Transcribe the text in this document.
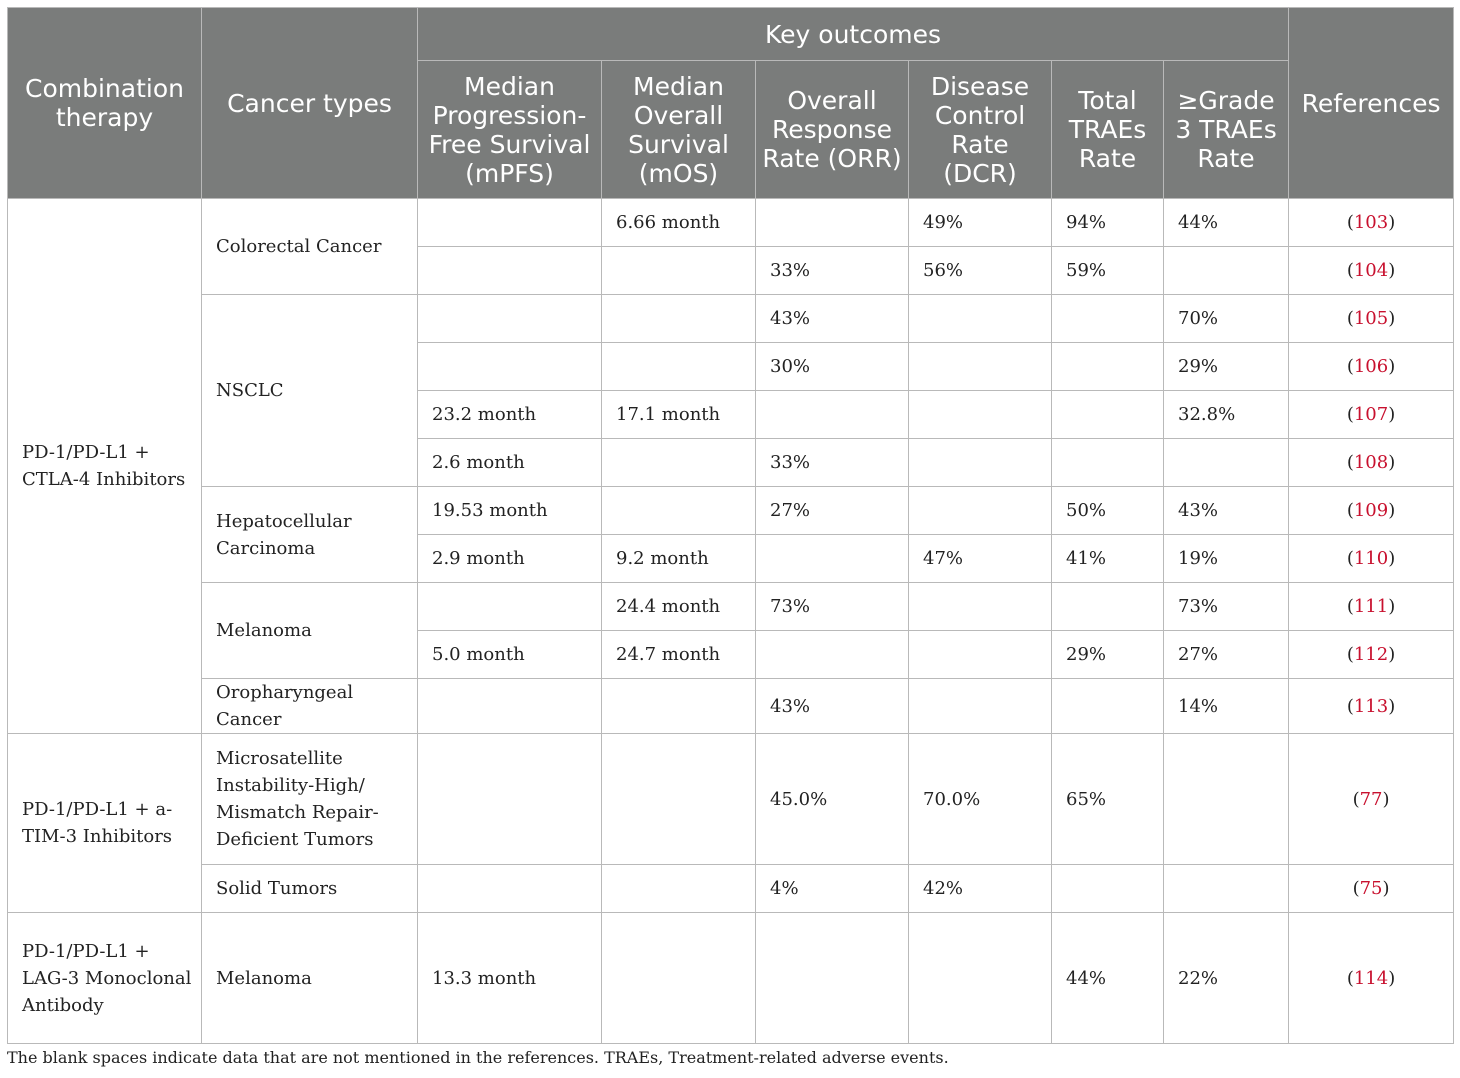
Combination therapy	Cancer types	Key outcomes						References
		Median Progression-Free Survival (mPFS)	Median Overall Survival (mOS)	Overall Response Rate (ORR)	Disease Control Rate (DCR)	Total TRAEs Rate	≥Grade 3 TRAEs Rate	
PD-1/PD-L1 + CTLA-4 Inhibitors	Colorectal Cancer		6.66 month		49%	94%	44%	(103)
				33%	56%	59%		(104)
	NSCLC			43%			70%	(105)
				30%			29%	(106)
		23.2 month	17.1 month				32.8%	(107)
		2.6 month		33%				(108)
	Hepatocellular Carcinoma	19.53 month		27%		50%	43%	(109)
		2.9 month	9.2 month		47%	41%	19%	(110)
	Melanoma		24.4 month	73%			73%	(111)
		5.0 month	24.7 month			29%	27%	(112)
	Oropharyngeal Cancer			43%			14%	(113)
PD-1/PD-L1 + a-TIM-3 Inhibitors	Microsatellite Instability-High/ Mismatch Repair-Deficient Tumors			45.0%	70.0%	65%		(77)
	Solid Tumors			4%	42%			(75)
PD-1/PD-L1 + LAG-3 Monoclonal Antibody	Melanoma	13.3 month				44%	22%	(114)
The blank spaces indicate data that are not mentioned in the references. TRAEs, Treatment-related adverse events.
